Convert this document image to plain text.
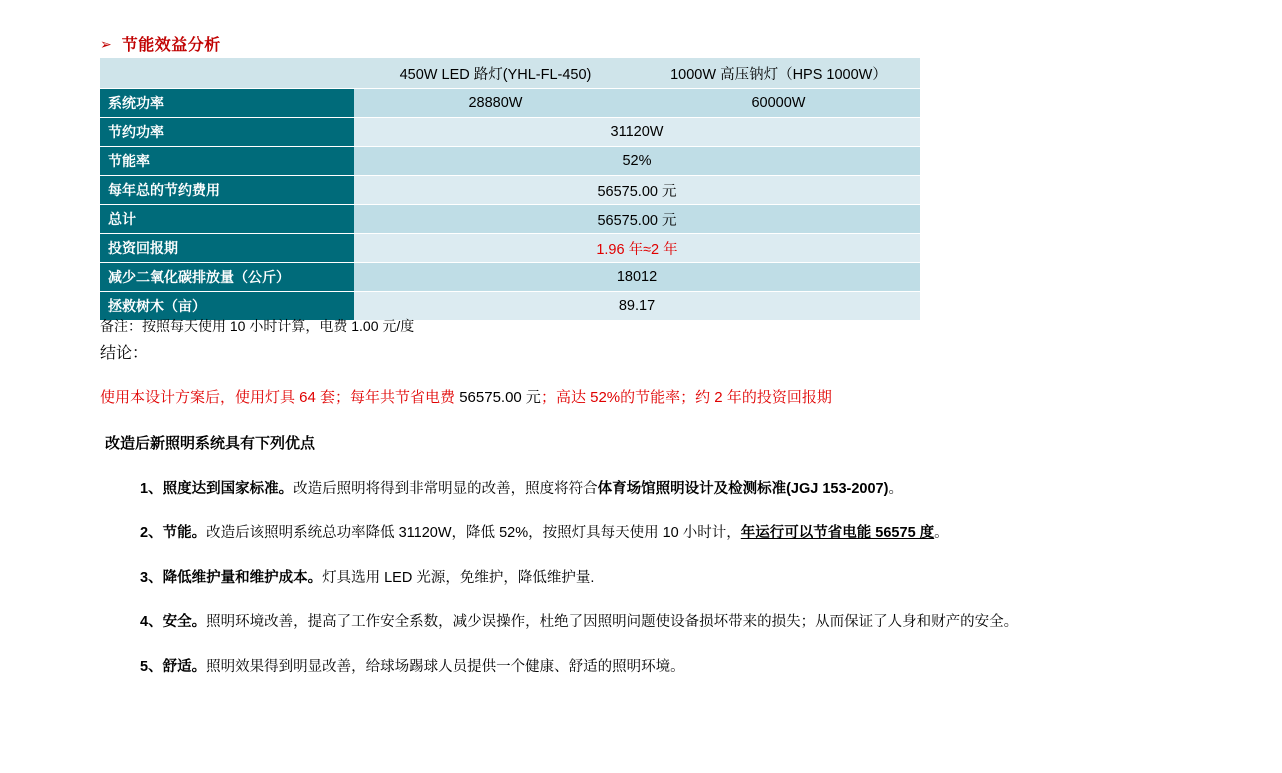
➢ 节能效益分析
	450W LED 路灯(YHL-FL-450)	1000W 高压钠灯（HPS 1000W）
系统功率	28880W	60000W
节约功率	31120W	
节能率	52%	
每年总的节约费用	56575.00 元	
总计	56575.00 元	
投资回报期	1.96 年≈2 年	
减少二氧化碳排放量（公斤）	18012	
拯救树木（亩）	89.17	
备注：按照每天使用 10 小时计算，电费 1.00 元/度
结论：
使用本设计方案后，使用灯具 64 套；每年共节省电费 56575.00 元；高达 52%的节能率；约 2 年的投资回报期
改造后新照明系统具有下列优点
1、照度达到国家标准。改造后照明将得到非常明显的改善，照度将符合体育场馆照明设计及检测标准(JGJ 153-2007)。
2、节能。改造后该照明系统总功率降低 31120W，降低 52%，按照灯具每天使用 10 小时计，年运行可以节省电能 56575 度。
3、降低维护量和维护成本。灯具选用 LED 光源，免维护，降低维护量.
4、安全。照明环境改善，提高了工作安全系数，减少误操作，杜绝了因照明问题使设备损坏带来的损失；从而保证了人身和财产的安全。
5、舒适。照明效果得到明显改善，给球场踢球人员提供一个健康、舒适的照明环境。
